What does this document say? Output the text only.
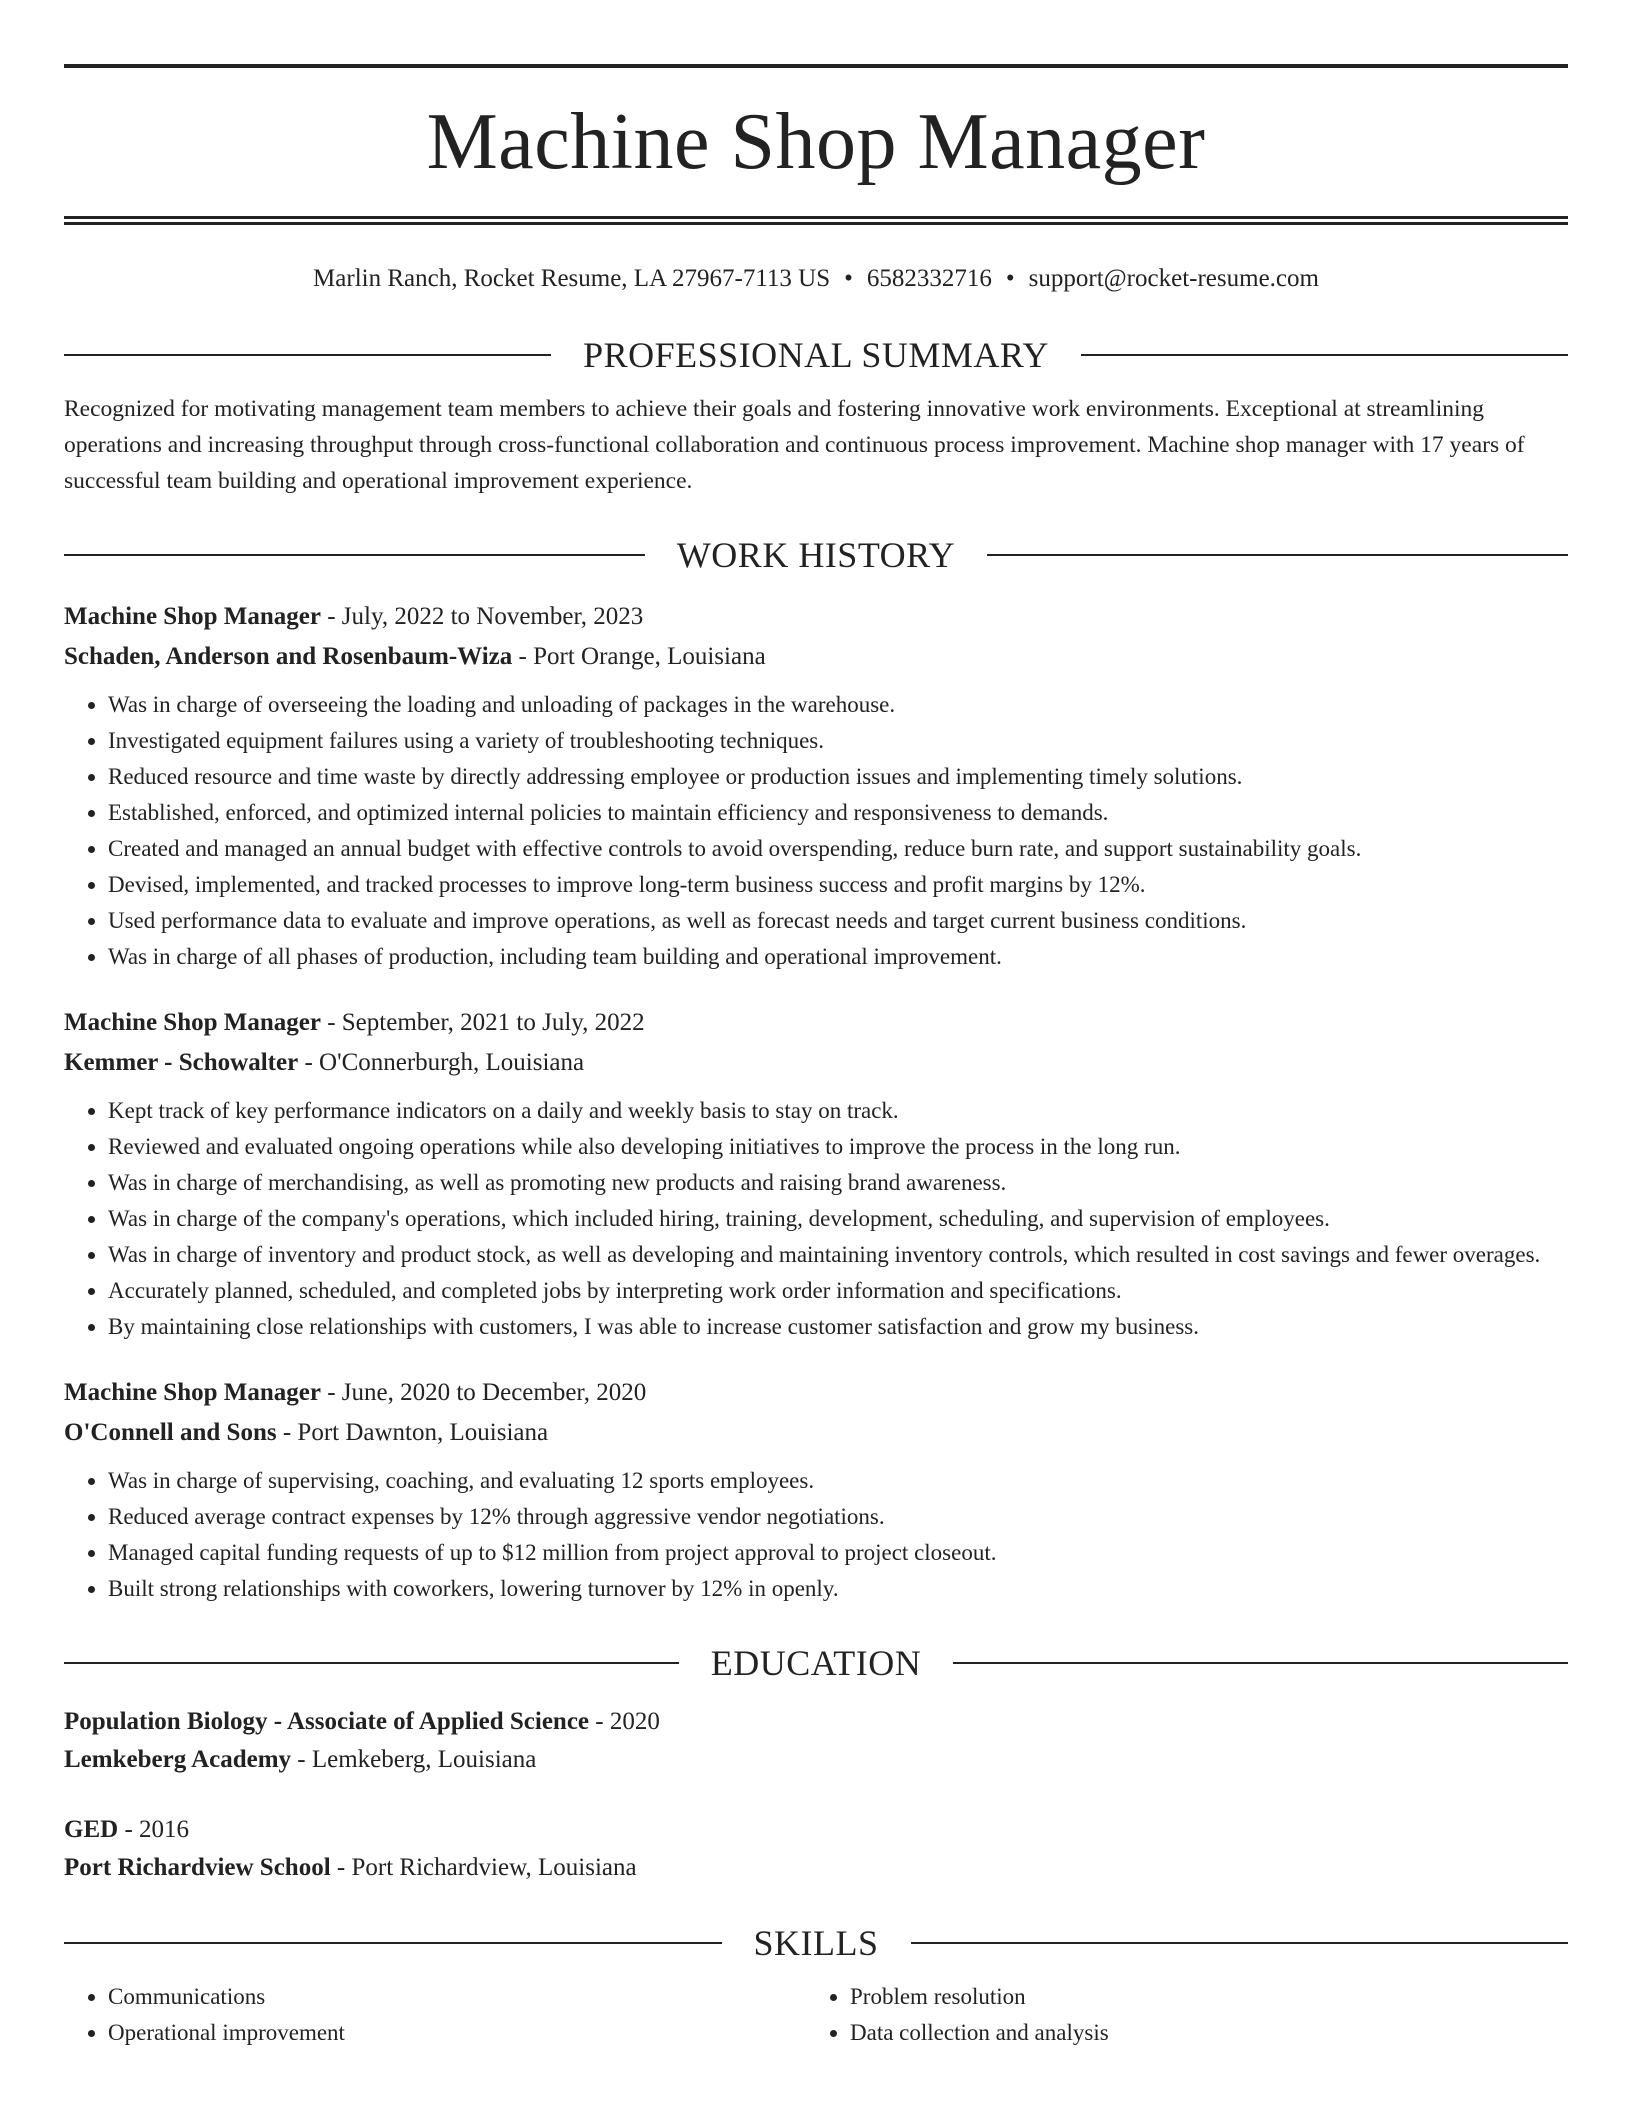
Machine Shop Manager
Marlin Ranch, Rocket Resume, LA 27967-7113 US • 6582332716 • support@rocket-resume.com
PROFESSIONAL SUMMARY
Recognized for motivating management team members to achieve their goals and fostering innovative work environments. Exceptional at streamlining operations and increasing throughput through cross-functional collaboration and continuous process improvement. Machine shop manager with 17 years of successful team building and operational improvement experience.
WORK HISTORY
Machine Shop Manager - July, 2022 to November, 2023
Schaden, Anderson and Rosenbaum-Wiza - Port Orange, Louisiana
• Was in charge of overseeing the loading and unloading of packages in the warehouse.
• Investigated equipment failures using a variety of troubleshooting techniques.
• Reduced resource and time waste by directly addressing employee or production issues and implementing timely solutions.
• Established, enforced, and optimized internal policies to maintain efficiency and responsiveness to demands.
• Created and managed an annual budget with effective controls to avoid overspending, reduce burn rate, and support sustainability goals.
• Devised, implemented, and tracked processes to improve long-term business success and profit margins by 12%.
• Used performance data to evaluate and improve operations, as well as forecast needs and target current business conditions.
• Was in charge of all phases of production, including team building and operational improvement.
Machine Shop Manager - September, 2021 to July, 2022
Kemmer - Schowalter - O'Connerburgh, Louisiana
• Kept track of key performance indicators on a daily and weekly basis to stay on track.
• Reviewed and evaluated ongoing operations while also developing initiatives to improve the process in the long run.
• Was in charge of merchandising, as well as promoting new products and raising brand awareness.
• Was in charge of the company's operations, which included hiring, training, development, scheduling, and supervision of employees.
• Was in charge of inventory and product stock, as well as developing and maintaining inventory controls, which resulted in cost savings and fewer overages.
• Accurately planned, scheduled, and completed jobs by interpreting work order information and specifications.
• By maintaining close relationships with customers, I was able to increase customer satisfaction and grow my business.
Machine Shop Manager - June, 2020 to December, 2020
O'Connell and Sons - Port Dawnton, Louisiana
• Was in charge of supervising, coaching, and evaluating 12 sports employees.
• Reduced average contract expenses by 12% through aggressive vendor negotiations.
• Managed capital funding requests of up to $12 million from project approval to project closeout.
• Built strong relationships with coworkers, lowering turnover by 12% in openly.
EDUCATION
Population Biology - Associate of Applied Science - 2020
Lemkeberg Academy - Lemkeberg, Louisiana
GED - 2016
Port Richardview School - Port Richardview, Louisiana
SKILLS
• Communications
• Operational improvement
• Problem resolution
• Data collection and analysis
